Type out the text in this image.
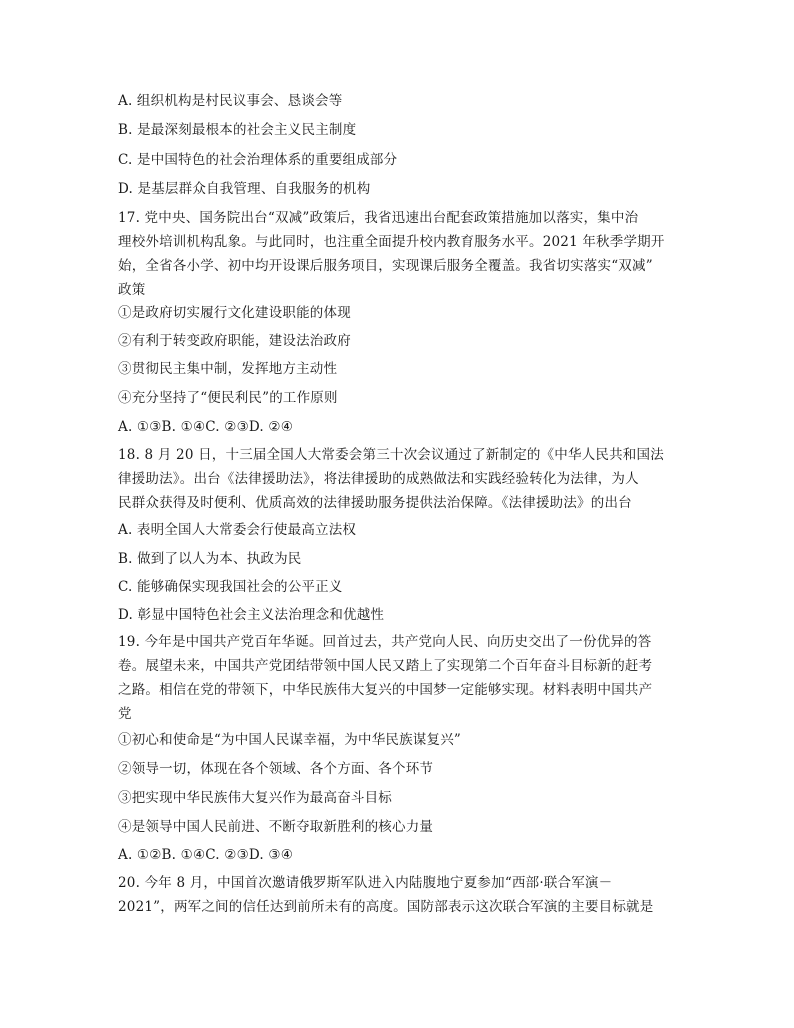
A. 组织机构是村民议事会、恳谈会等
B. 是最深刻最根本的社会主义民主制度
C. 是中国特色的社会治理体系的重要组成部分
D. 是基层群众自我管理、自我服务的机构
17. 党中央、国务院出台“双减”政策后，我省迅速出台配套政策措施加以落实，集中治
理校外培训机构乱象。与此同时，也注重全面提升校内教育服务水平。2021 年秋季学期开
始，全省各小学、初中均开设课后服务项目，实现课后服务全覆盖。我省切实落实“双减”
政策
①是政府切实履行文化建设职能的体现
②有利于转变政府职能，建设法治政府
③贯彻民主集中制，发挥地方主动性
④充分坚持了“便民利民”的工作原则
A. ①③B. ①④C. ②③D. ②④
18. 8 月 20 日，十三届全国人大常委会第三十次会议通过了新制定的《中华人民共和国法
律援助法》。出台《法律援助法》，将法律援助的成熟做法和实践经验转化为法律，为人
民群众获得及时便利、优质高效的法律援助服务提供法治保障。《法律援助法》的出台
A. 表明全国人大常委会行使最高立法权
B. 做到了以人为本、执政为民
C. 能够确保实现我国社会的公平正义
D. 彰显中国特色社会主义法治理念和优越性
19. 今年是中国共产党百年华诞。回首过去，共产党向人民、向历史交出了一份优异的答
卷。展望未来，中国共产党团结带领中国人民又踏上了实现第二个百年奋斗目标新的赶考
之路。相信在党的带领下，中华民族伟大复兴的中国梦一定能够实现。材料表明中国共产
党
①初心和使命是“为中国人民谋幸福，为中华民族谋复兴”
②领导一切，体现在各个领域、各个方面、各个环节
③把实现中华民族伟大复兴作为最高奋斗目标
④是领导中国人民前进、不断夺取新胜利的核心力量
A. ①②B. ①④C. ②③D. ③④
20. 今年 8 月，中国首次邀请俄罗斯军队进入内陆腹地宁夏参加“西部·联合军演－
2021”，两军之间的信任达到前所未有的高度。国防部表示这次联合军演的主要目标就是
